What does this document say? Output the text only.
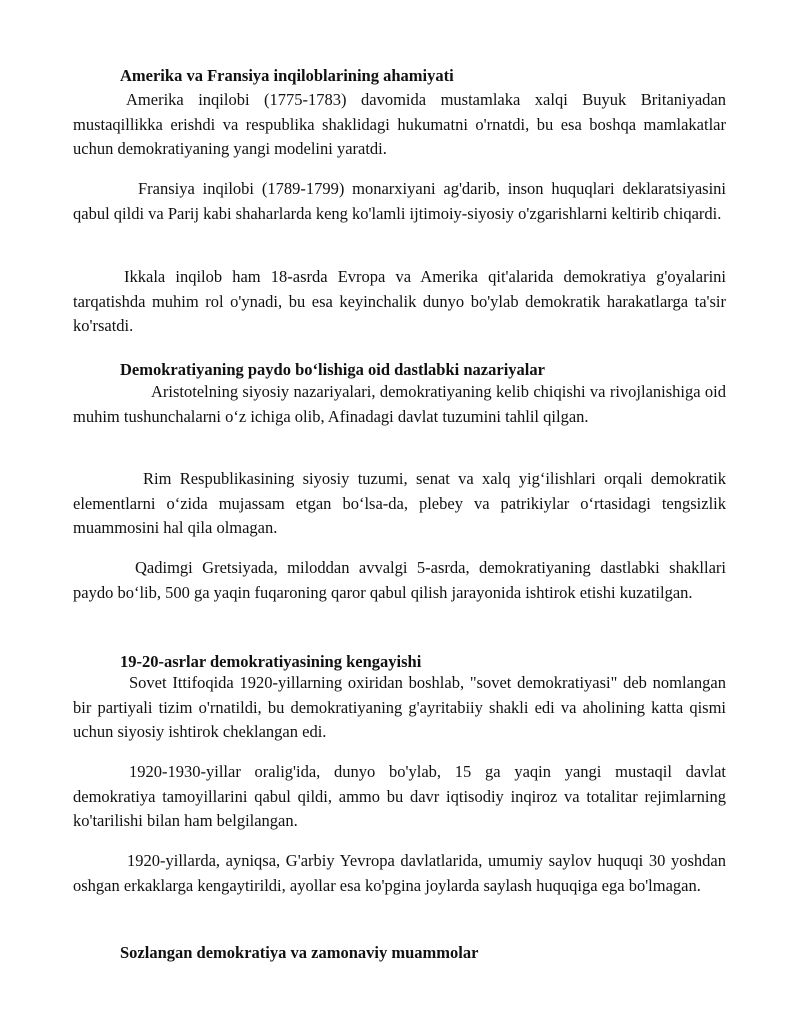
Amerika va Fransiya inqiloblarining ahamiyati

Amerika inqilobi (1775-1783) davomida mustamlaka xalqi Buyuk Britaniyadan mustaqillikka erishdi va respublika shaklidagi hukumatni o'rnatdi, bu esa boshqa mamlakatlar uchun demokratiyaning yangi modelini yaratdi.

Fransiya inqilobi (1789-1799) monarxiyani ag'darib, inson huquqlari deklaratsiyasini qabul qildi va Parij kabi shaharlarda keng ko'lamli ijtimoiy-siyosiy o'zgarishlarni keltirib chiqardi.

Ikkala inqilob ham 18-asrda Evropa va Amerika qit'alarida demokratiya g'oyalarini tarqatishda muhim rol o'ynadi, bu esa keyinchalik dunyo bo'ylab demokratik harakatlarga ta'sir ko'rsatdi.

Demokratiyaning paydo bo‘lishiga oid dastlabki nazariyalar

Aristotelning siyosiy nazariyalari, demokratiyaning kelib chiqishi va rivojlanishiga oid muhim tushunchalarni o‘z ichiga olib, Afinadagi davlat tuzumini tahlil qilgan.

Rim Respublikasining siyosiy tuzumi, senat va xalq yig‘ilishlari orqali demokratik elementlarni o‘zida mujassam etgan bo‘lsa-da, plebey va patrikiylar o‘rtasidagi tengsizlik muammosini hal qila olmagan.

Qadimgi Gretsiyada, miloddan avvalgi 5-asrda, demokratiyaning dastlabki shakllari paydo bo‘lib, 500 ga yaqin fuqaroning qaror qabul qilish jarayonida ishtirok etishi kuzatilgan.

19-20-asrlar demokratiyasining kengayishi

Sovet Ittifoqida 1920-yillarning oxiridan boshlab, "sovet demokratiyasi" deb nomlangan bir partiyali tizim o'rnatildi, bu demokratiyaning g'ayritabiiy shakli edi va aholining katta qismi uchun siyosiy ishtirok cheklangan edi.

1920-1930-yillar oralig'ida, dunyo bo'ylab, 15 ga yaqin yangi mustaqil davlat demokratiya tamoyillarini qabul qildi, ammo bu davr iqtisodiy inqiroz va totalitar rejimlarning ko'tarilishi bilan ham belgilangan.

1920-yillarda, ayniqsa, G'arbiy Yevropa davlatlarida, umumiy saylov huquqi 30 yoshdan oshgan erkaklarga kengaytirildi, ayollar esa ko'pgina joylarda saylash huquqiga ega bo'lmagan.

Sozlangan demokratiya va zamonaviy muammolar
